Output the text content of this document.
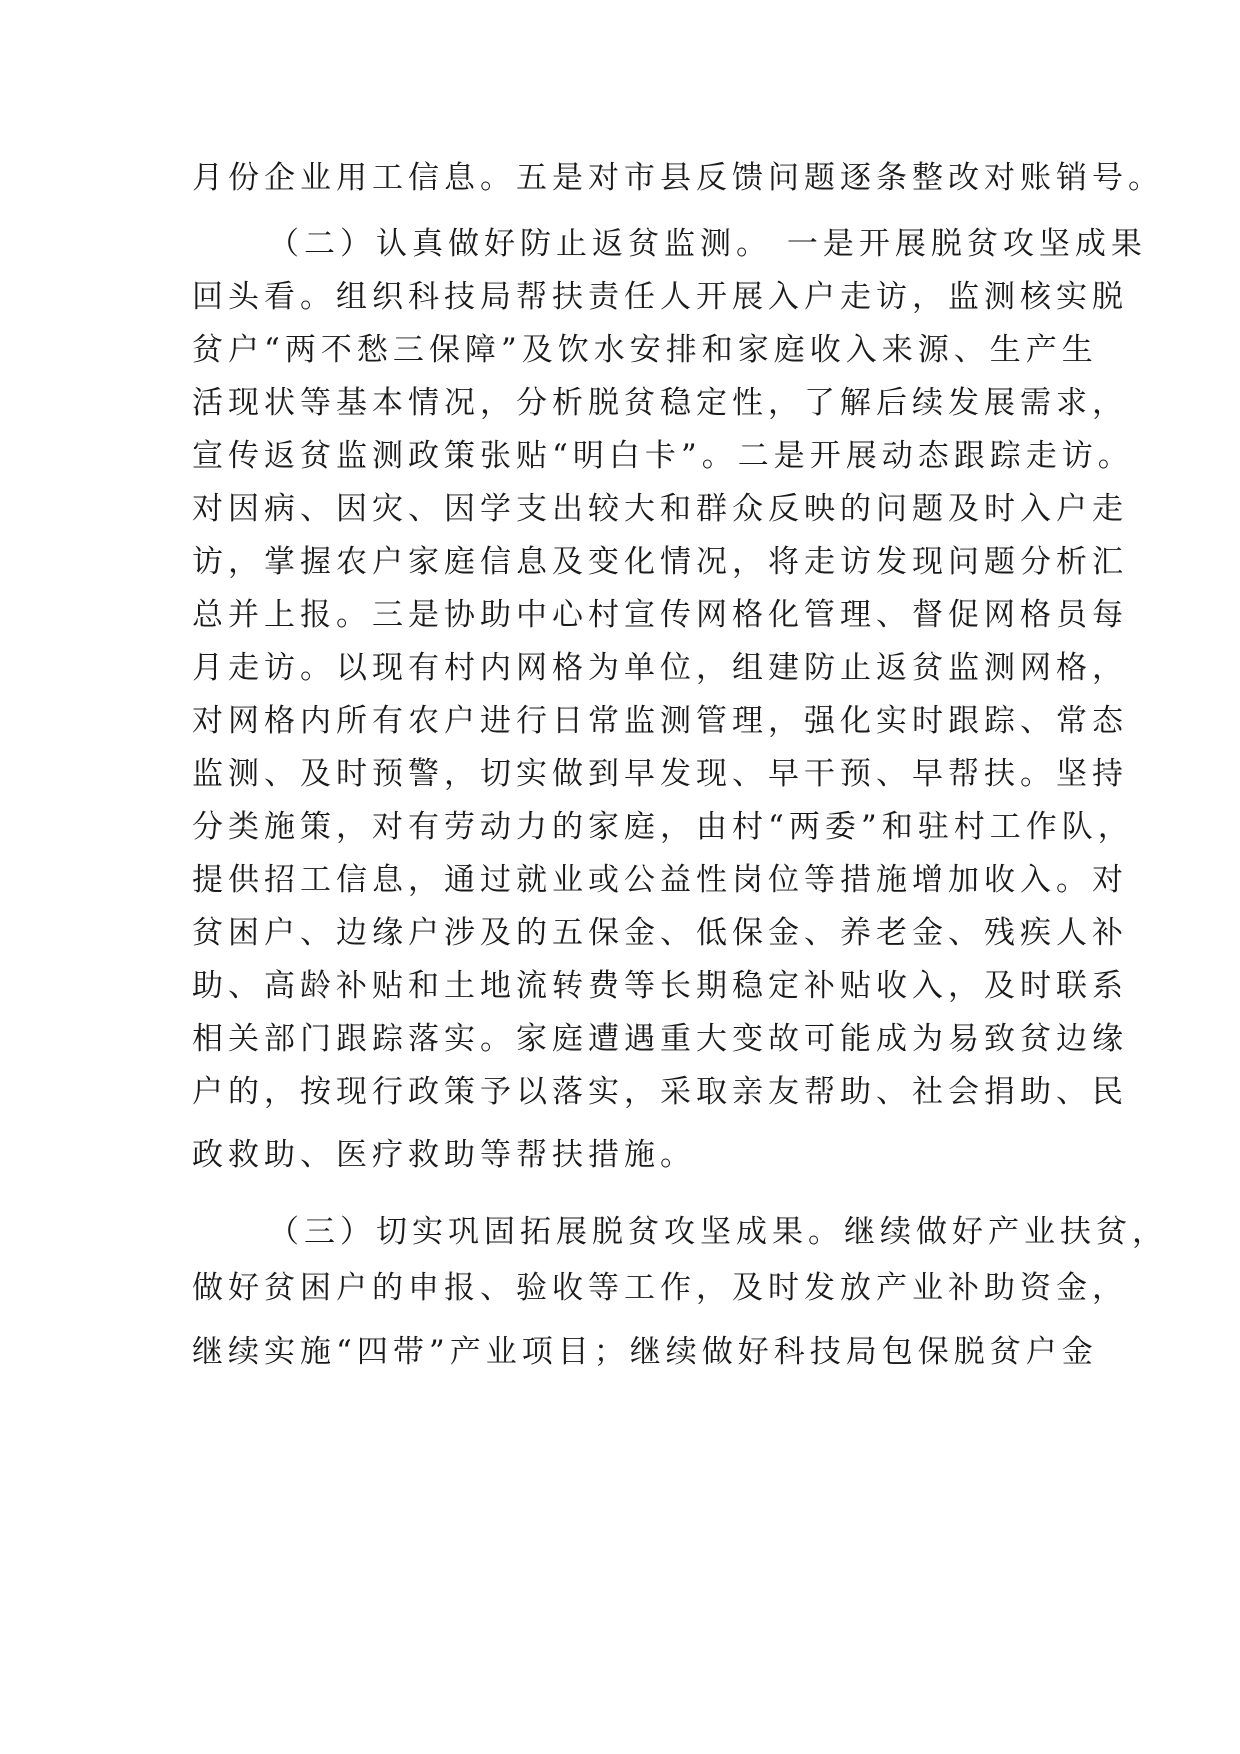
月份企业用工信息。五是对市县反馈问题逐条整改对账销号。
（二）认真做好防止返贫监测。 一是开展脱贫攻坚成果
回头看。组织科技局帮扶责任人开展入户走访，监测核实脱
贫户“两不愁三保障”及饮水安排和家庭收入来源、生产生
活现状等基本情况，分析脱贫稳定性，了解后续发展需求，
宣传返贫监测政策张贴“明白卡”。二是开展动态跟踪走访。
对因病、因灾、因学支出较大和群众反映的问题及时入户走
访，掌握农户家庭信息及变化情况，将走访发现问题分析汇
总并上报。三是协助中心村宣传网格化管理、督促网格员每
月走访。以现有村内网格为单位，组建防止返贫监测网格，
对网格内所有农户进行日常监测管理，强化实时跟踪、常态
监测、及时预警，切实做到早发现、早干预、早帮扶。坚持
分类施策，对有劳动力的家庭，由村“两委”和驻村工作队，
提供招工信息，通过就业或公益性岗位等措施增加收入。对
贫困户、边缘户涉及的五保金、低保金、养老金、残疾人补
助、高龄补贴和土地流转费等长期稳定补贴收入，及时联系
相关部门跟踪落实。家庭遭遇重大变故可能成为易致贫边缘
户的，按现行政策予以落实，采取亲友帮助、社会捐助、民
政救助、医疗救助等帮扶措施。
（三）切实巩固拓展脱贫攻坚成果。继续做好产业扶贫，
做好贫困户的申报、验收等工作，及时发放产业补助资金，
继续实施“四带”产业项目；继续做好科技局包保脱贫户金
